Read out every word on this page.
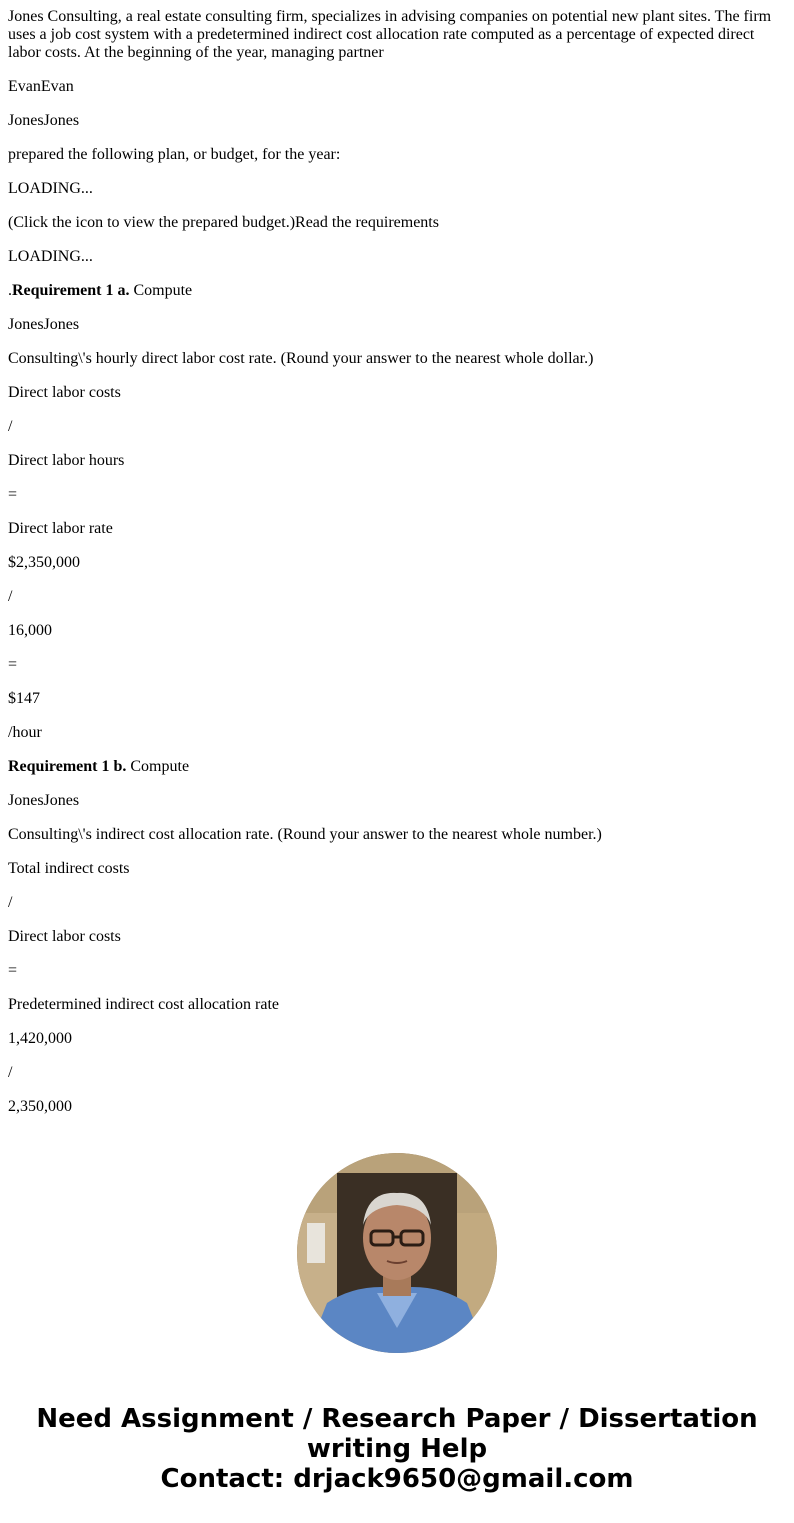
Jones Consulting, a real estate consulting firm, specializes in advising companies on potential new plant sites. The firm uses a job cost system with a predetermined indirect cost allocation rate computed as a percentage of expected direct labor costs. At the beginning of the year, managing partner

EvanEvan

JonesJones

prepared the following plan, or budget, for the year:

LOADING...

(Click the icon to view the prepared budget.)Read the requirements

LOADING...

.Requirement 1 a. Compute

JonesJones

Consulting\'s hourly direct labor cost rate. (Round your answer to the nearest whole dollar.)

Direct labor costs

/

Direct labor hours

=

Direct labor rate

$2,350,000

/

16,000

=

$147

/hour

Requirement 1 b. Compute

JonesJones

Consulting\'s indirect cost allocation rate. (Round your answer to the nearest whole number.)

Total indirect costs

/

Direct labor costs

=

Predetermined indirect cost allocation rate

1,420,000

/

2,350,000

Need Assignment / Research Paper / Dissertation
writing Help
Contact: drjack9650@gmail.com
